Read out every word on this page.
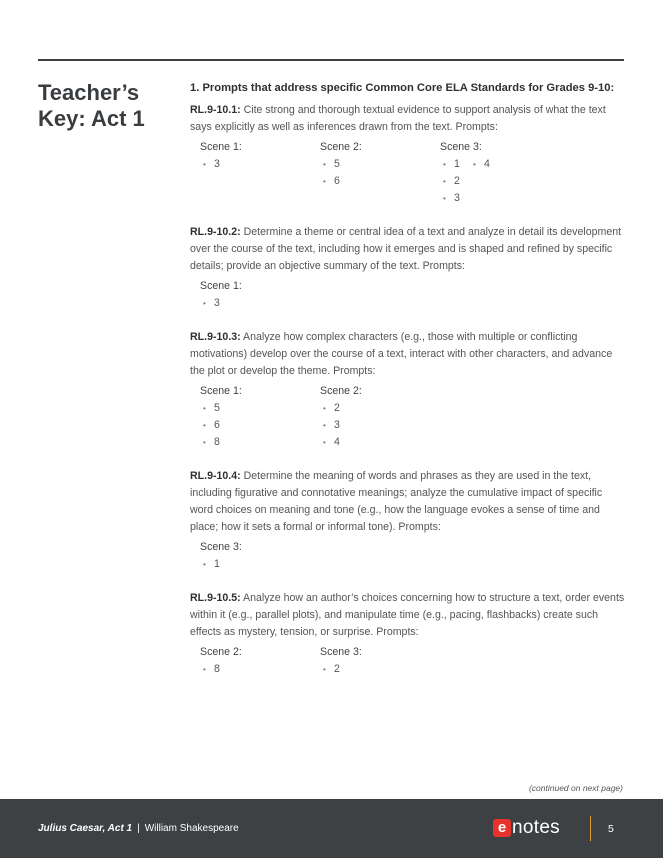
Teacher’s Key: Act 1
1. Prompts that address specific Common Core ELA Standards for Grades 9-10:

RL.9-10.1: Cite strong and thorough textual evidence to support analysis of what the text says explicitly as well as inferences drawn from the text. Prompts:

Scene 1:
• 3
Scene 2:
• 5
• 6
Scene 3:
• 1
• 2
• 3
• 4

RL.9-10.2: Determine a theme or central idea of a text and analyze in detail its development over the course of the text, including how it emerges and is shaped and refined by specific details; provide an objective summary of the text. Prompts:

Scene 1:
• 3

RL.9-10.3: Analyze how complex characters (e.g., those with multiple or conflicting motivations) develop over the course of a text, interact with other characters, and advance the plot or develop the theme. Prompts:

Scene 1:
• 5
• 6
• 8
Scene 2:
• 2
• 3
• 4

RL.9-10.4: Determine the meaning of words and phrases as they are used in the text, including figurative and connotative meanings; analyze the cumulative impact of specific word choices on meaning and tone (e.g., how the language evokes a sense of time and place; how it sets a formal or informal tone). Prompts:

Scene 3:
• 1

RL.9-10.5: Analyze how an author’s choices concerning how to structure a text, order events within it (e.g., parallel plots), and manipulate time (e.g., pacing, flashbacks) create such effects as mystery, tension, or surprise. Prompts:

Scene 2:
• 8
Scene 3:
• 2
(continued on next page)
Julius Caesar, Act 1 | William Shakespeare	e notes	5
